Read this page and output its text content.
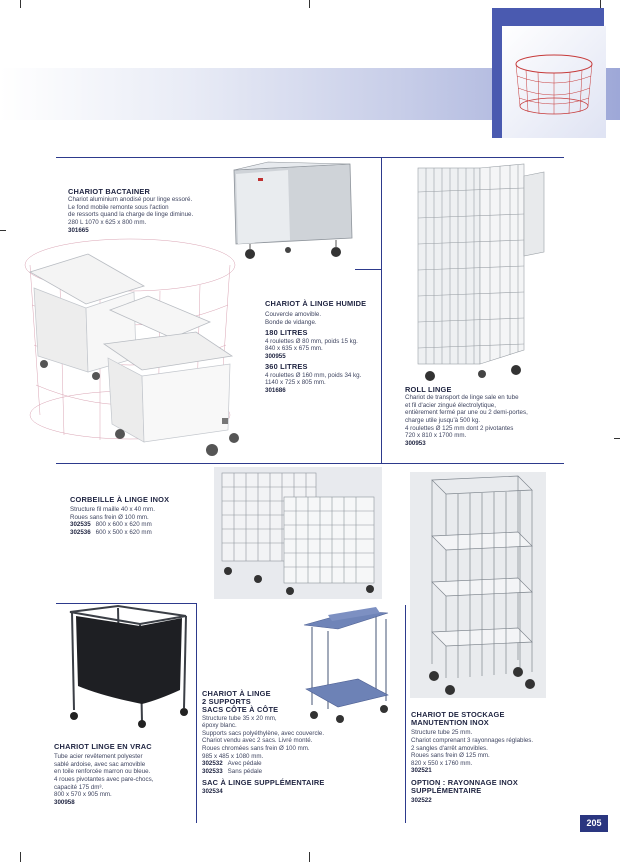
CHARIOT BACTAINER
Chariot aluminium anodisé pour linge essoré.
Le fond mobile remonte sous l'action
de ressorts quand la charge de linge diminue.
280 L 1070 x 625 x 800 mm.
301665
CHARIOT À LINGE HUMIDE
Couvercle amovible.
Bonde de vidange.
180 LITRES
4 roulettes Ø 80 mm, poids 15 kg.
840 x 635 x 675 mm.
300955
360 LITRES
4 roulettes Ø 160 mm, poids 34 kg.
1140 x 725 x 805 mm.
301686	ROLL LINGE
Chariot de transport de linge sale en tube
et fil d'acier zingué électrolytique,
entièrement fermé par une ou 2 demi-portes,
charge utile jusqu'à 500 kg.
4 roulettes Ø 125 mm dont 2 pivotantes
720 x 810 x 1700 mm.
300953
CORBEILLE À LINGE INOX
Structure fil maille 40 x 40 mm.
Roues sans frein Ø 100 mm.
302535 800 x 600 x 620 mm
302536 600 x 500 x 620 mm
CHARIOT LINGE EN VRAC
Tube acier revêtement polyester
sablé ardoise, avec sac amovible
en toile renforcée marron ou bleue.
4 roues pivotantes avec pare-chocs,
capacité 175 dm³.
800 x 570 x 905 mm.
300958
CHARIOT À LINGE
2 SUPPORTS
SACS CÔTE À CÔTE
Structure tube 35 x 20 mm,
époxy blanc.
Supports sacs polyéthylène, avec couvercle.
Chariot vendu avec 2 sacs. Livré monté.
Roues chromées sans frein Ø 100 mm.
985 x 485 x 1080 mm.
302532 Avec pédale
302533 Sans pédale
SAC À LINGE SUPPLÉMENTAIRE
302534
CHARIOT DE STOCKAGE
MANUTENTION INOX
Structure tube 25 mm.
Chariot comprenant 3 rayonnages réglables.
2 sangles d'arrêt amovibles.
Roues sans frein Ø 125 mm.
820 x 550 x 1760 mm.
302521
OPTION : RAYONNAGE INOX
SUPPLÉMENTAIRE
302522
205
